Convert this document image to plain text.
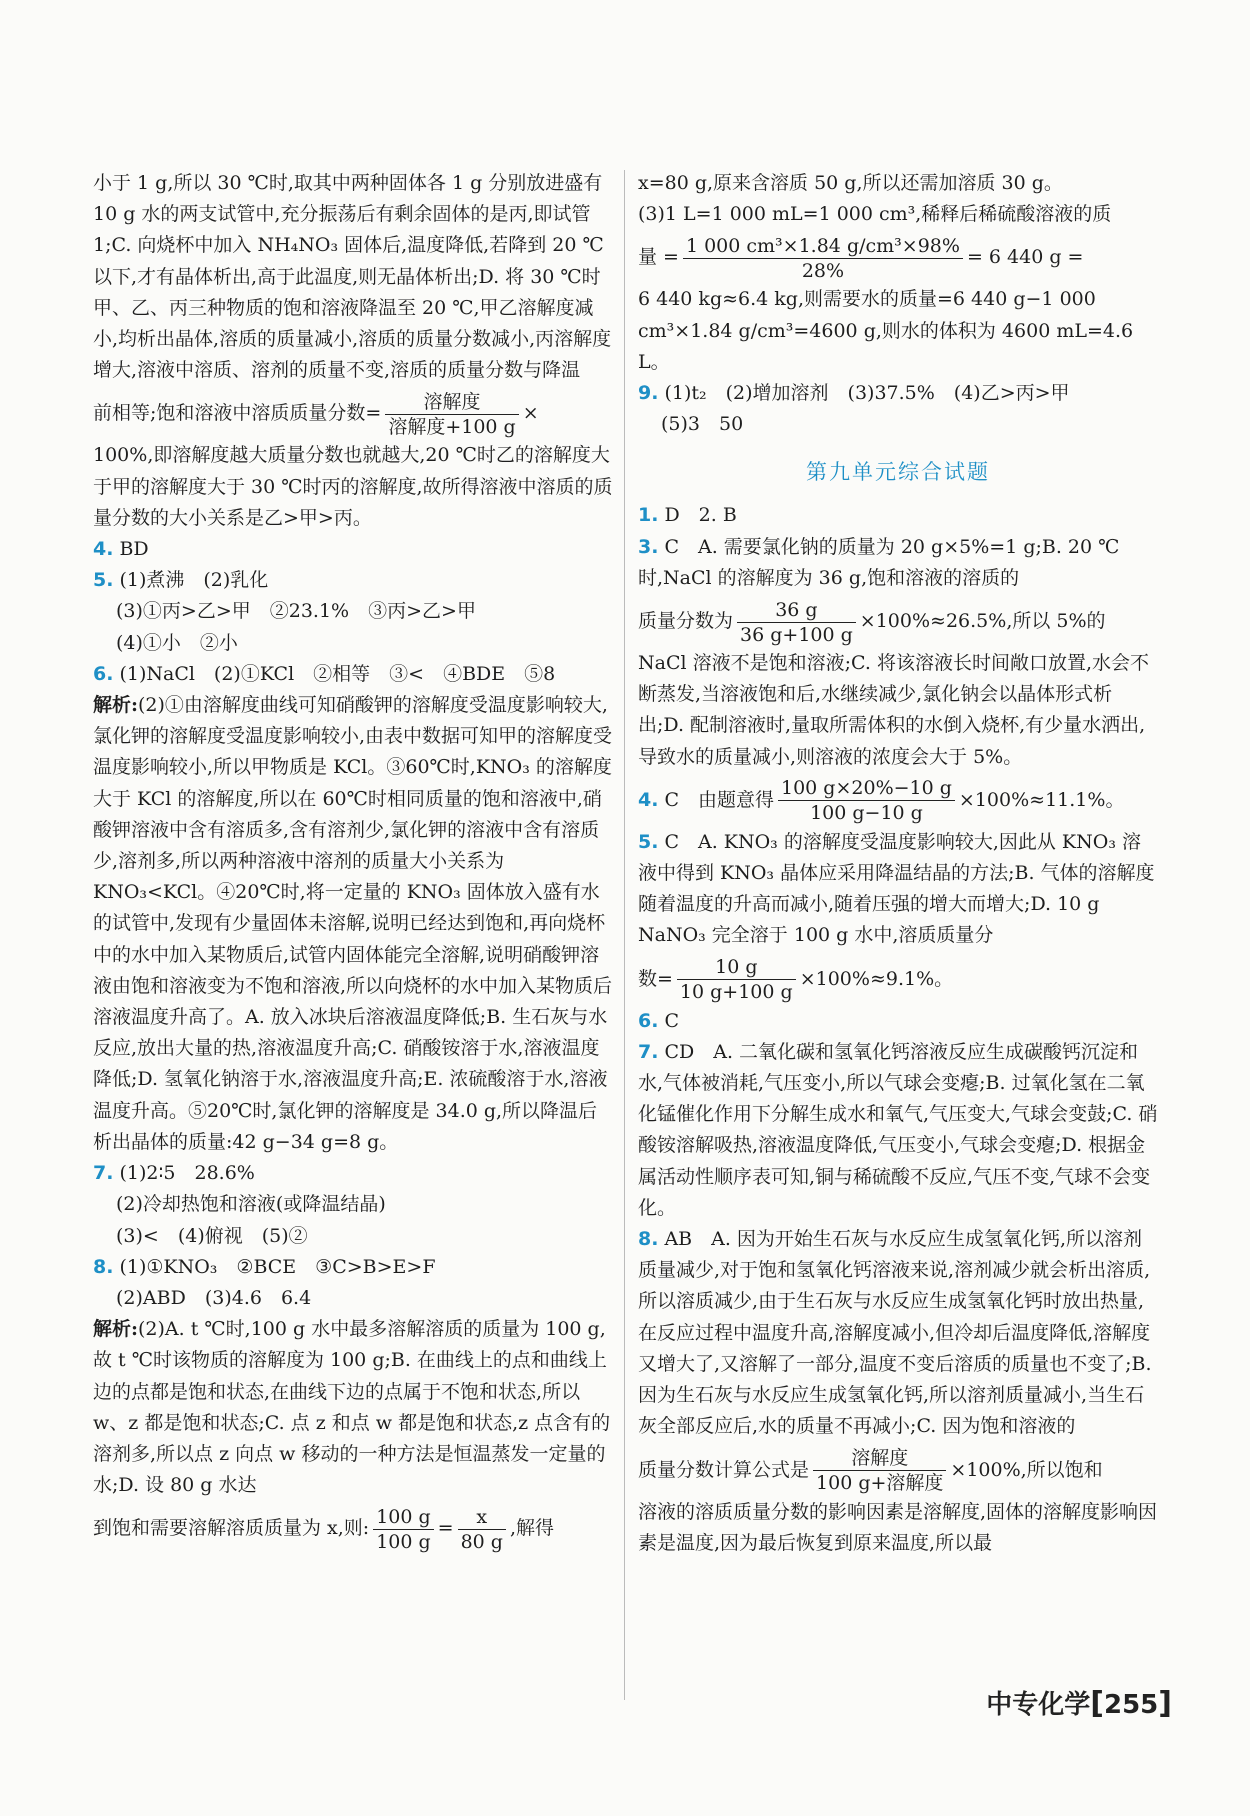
小于 1 g,所以 30 ℃时,取其中两种固体各 1 g 分别放进盛有 10 g 水的两支试管中,充分振荡后有剩余固体的是丙,即试管 1;C. 向烧杯中加入 NH₄NO₃ 固体后,温度降低,若降到 20 ℃以下,才有晶体析出,高于此温度,则无晶体析出;D. 将 30 ℃时甲、乙、丙三种物质的饱和溶液降温至 20 ℃,甲乙溶解度减小,均析出晶体,溶质的质量减小,溶质的质量分数减小,丙溶解度增大,溶液中溶质、溶剂的质量不变,溶质的质量分数与降温

前相等;饱和溶液中溶质质量分数= $\frac{\text{溶解度}}{\text{溶解度+100 g}}$ ×

100%,即溶解度越大质量分数也就越大,20 ℃时乙的溶解度大于甲的溶解度大于 30 ℃时丙的溶解度,故所得溶液中溶质的质量分数的大小关系是乙>甲>丙。

4. BD

5. (1)煮沸　(2)乳化

(3)①丙>乙>甲　②23.1%　③丙>乙>甲

(4)①小　②小

6. (1)NaCl　(2)①KCl　②相等　③<　④BDE　⑤8

解析:(2)①由溶解度曲线可知硝酸钾的溶解度受温度影响较大,氯化钾的溶解度受温度影响较小,由表中数据可知甲的溶解度受温度影响较小,所以甲物质是 KCl。③60℃时,KNO₃ 的溶解度大于 KCl 的溶解度,所以在 60℃时相同质量的饱和溶液中,硝酸钾溶液中含有溶质多,含有溶剂少,氯化钾的溶液中含有溶质少,溶剂多,所以两种溶液中溶剂的质量大小关系为 KNO₃<KCl。④20℃时,将一定量的 KNO₃ 固体放入盛有水的试管中,发现有少量固体未溶解,说明已经达到饱和,再向烧杯中的水中加入某物质后,试管内固体能完全溶解,说明硝酸钾溶液由饱和溶液变为不饱和溶液,所以向烧杯的水中加入某物质后溶液温度升高了。A. 放入冰块后溶液温度降低;B. 生石灰与水反应,放出大量的热,溶液温度升高;C. 硝酸铵溶于水,溶液温度降低;D. 氢氧化钠溶于水,溶液温度升高;E. 浓硫酸溶于水,溶液温度升高。⑤20℃时,氯化钾的溶解度是 34.0 g,所以降温后析出晶体的质量:42 g−34 g=8 g。

7. (1)2∶5　28.6%

(2)冷却热饱和溶液(或降温结晶)

(3)<　(4)俯视　(5)②

8. (1)①KNO₃　②BCE　③C>B>E>F

(2)ABD　(3)4.6　6.4

解析:(2)A. t ℃时,100 g 水中最多溶解溶质的质量为 100 g,故 t ℃时该物质的溶解度为 100 g;B. 在曲线上的点和曲线上边的点都是饱和状态,在曲线下边的点属于不饱和状态,所以 w、z 都是饱和状态;C. 点 z 和点 w 都是饱和状态,z 点含有的溶剂多,所以点 z 向点 w 移动的一种方法是恒温蒸发一定量的水;D. 设 80 g 水达

到饱和需要溶解溶质质量为 x,则: $\frac{100 g}{100 g} = \frac{x}{80 g}$ ,解得

x=80 g,原来含溶质 50 g,所以还需加溶质 30 g。

(3)1 L=1 000 mL=1 000 cm³,稀释后稀硫酸溶液的质

量 = $\frac{\text{1 000 cm³×1.84 g/cm³×98\%}}{28\%} = 6$ 440 g =

6 440 kg≈6.4 kg,则需要水的质量=6 440 g−1 000 cm³×1.84 g/cm³=4600 g,则水的体积为 4600 mL=4.6 L。

9. (1)t₂　(2)增加溶剂　(3)37.5%　(4)乙>丙>甲

(5)3　50

第九单元综合试题

1. D　2. B

3. C　A. 需要氯化钠的质量为 20 g×5%=1 g;B. 20 ℃时,NaCl 的溶解度为 36 g,饱和溶液的溶质的

质量分数为 $\frac{36 g}{36 g+100 g} \times 100\%\approx 26.5\%$,所以 5%的

NaCl 溶液不是饱和溶液;C. 将该溶液长时间敞口放置,水会不断蒸发,当溶液饱和后,水继续减少,氯化钠会以晶体形式析出;D. 配制溶液时,量取所需体积的水倒入烧杯,有少量水洒出,导致水的质量减小,则溶液的浓度会大于 5%。

4. C　由题意得 $\frac{100 g\times 20\%-10 g}{100 g-10 g} \times 100\%\approx 11.1\%$。

5. C　A. KNO₃ 的溶解度受温度影响较大,因此从 KNO₃ 溶液中得到 KNO₃ 晶体应采用降温结晶的方法;B. 气体的溶解度随着温度的升高而减小,随着压强的增大而增大;D. 10 g NaNO₃ 完全溶于 100 g 水中,溶质质量分

数= $\frac{10 g}{10 g+100 g} \times 100\%\approx 9.1\%$。

6. C

7. CD　A. 二氧化碳和氢氧化钙溶液反应生成碳酸钙沉淀和水,气体被消耗,气压变小,所以气球会变瘪;B. 过氧化氢在二氧化锰催化作用下分解生成水和氧气,气压变大,气球会变鼓;C. 硝酸铵溶解吸热,溶液温度降低,气压变小,气球会变瘪;D. 根据金属活动性顺序表可知,铜与稀硫酸不反应,气压不变,气球不会变化。

8. AB　A. 因为开始生石灰与水反应生成氢氧化钙,所以溶剂质量减少,对于饱和氢氧化钙溶液来说,溶剂减少就会析出溶质,所以溶质减少,由于生石灰与水反应生成氢氧化钙时放出热量,在反应过程中温度升高,溶解度减小,但冷却后温度降低,溶解度又增大了,又溶解了一部分,温度不变后溶质的质量也不变了;B. 因为生石灰与水反应生成氢氧化钙,所以溶剂质量减小,当生石灰全部反应后,水的质量不再减小;C. 因为饱和溶液的

质量分数计算公式是 $\frac{\text{溶解度}}{\text{100 g+溶解度}} \times 100\%$,所以饱和

溶液的溶质质量分数的影响因素是溶解度,固体的溶解度影响因素是温度,因为最后恢复到原来温度,所以最

中专化学[255]
